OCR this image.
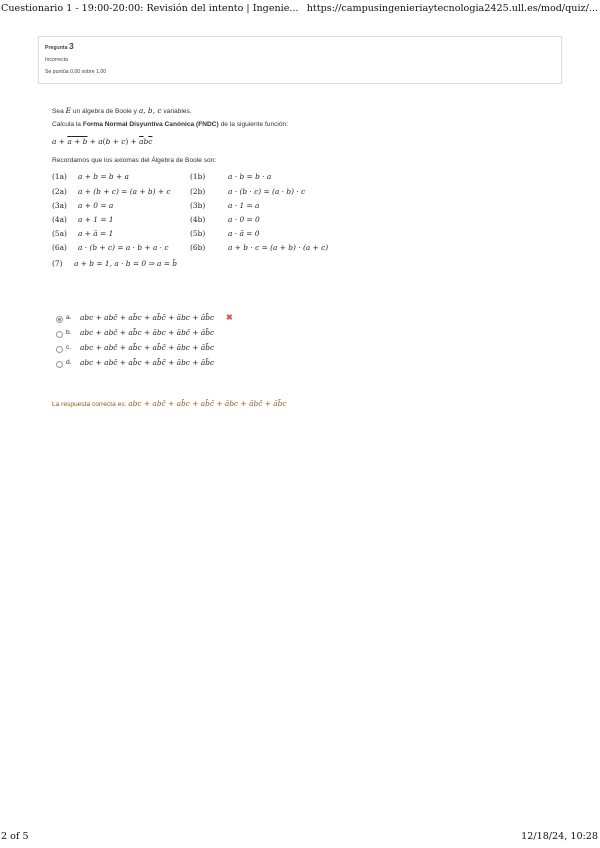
Cuestionario 1 - 19:00-20:00: Revisión del intento | Ingenie... https://campusingenieriaytecnologia2425.ull.es/mod/quiz/...
Pregunta 3
Incorrecta
Se puntúa 0,00 sobre 1,00
Sea E un álgebra de Boole y a, b, c variables.
Calcula la Forma Normal Disyuntiva Canónica (FNDC) de la siguiente función:
$a + a + b + a(b + c) + \overline{a}b\overline{c}$
Recordamos que los axiomas del Álgebra de Boole son:
(1a) a + b = b + a	(1b)	a · b = b · a
(2a) a + (b + c) = (a + b) + c	(2b)	a · (b · c) = (a · b) · c
(3a) a + 0 = a	(3b)	a · 1 = a
(4a) a + 1 = 1	(4b)	a · 0 = 0
(5a) a + ā = 1	(5b)	a · ā = 0
(6a) a · (b + c) = a · b + a · c	(6b)	a + b · c = (a + b) · (a + c)
(7) a + b = 1, a · b = 0 ⇒ a = b̄
a. abc + abc̄ + ab̄c + ab̄c̄ + ābc + āb̄c ✖
b. abc + abc̄ + ab̄c + ābc + ābc̄ + āb̄c
c. abc + abc̄ + ab̄c + ab̄c̄ + ābc + āb̄c
d. abc + abc̄ + ab̄c + ab̄c̄ + ābc + āb̄c
La respuesta correcta es: abc + abc̄ + ab̄c + ab̄c̄ + ābc + ābc̄ + āb̄c
2 of 5	12/18/24, 10:28
